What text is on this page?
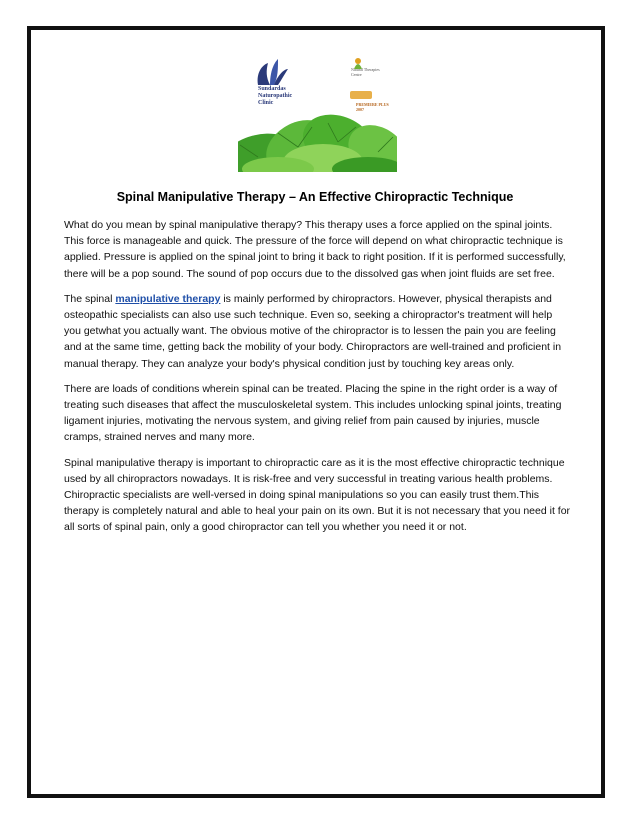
Sundardas Naturopathic Clinic
Natural Therapies Centre
PREMIERE PLUS 2007
Spinal Manipulative Therapy – An Effective Chiropractic Technique

What do you mean by spinal manipulative therapy? This therapy uses a force applied on the spinal joints. This force is manageable and quick. The pressure of the force will depend on what chiropractic technique is applied. Pressure is applied on the spinal joint to bring it back to right position. If it is performed successfully, there will be a pop sound. The sound of pop occurs due to the dissolved gas when joint fluids are set free.

The spinal manipulative therapy is mainly performed by chiropractors. However, physical therapists and osteopathic specialists can also use such technique. Even so, seeking a chiropractor's treatment will help you getwhat you actually want. The obvious motive of the chiropractor is to lessen the pain you are feeling and at the same time, getting back the mobility of your body. Chiropractors are well-trained and proficient in manual therapy. They can analyze your body's physical condition just by touching key areas only.

There are loads of conditions wherein spinal can be treated. Placing the spine in the right order is a way of treating such diseases that affect the musculoskeletal system. This includes unlocking spinal joints, treating ligament injuries, motivating the nervous system, and giving relief from pain caused by injuries, muscle cramps, strained nerves and many more.

Spinal manipulative therapy is important to chiropractic care as it is the most effective chiropractic technique used by all chiropractors nowadays. It is risk-free and very successful in treating various health problems. Chiropractic specialists are well-versed in doing spinal manipulations so you can easily trust them.This therapy is completely natural and able to heal your pain on its own. But it is not necessary that you need it for all sorts of spinal pain, only a good chiropractor can tell you whether you need it or not.
